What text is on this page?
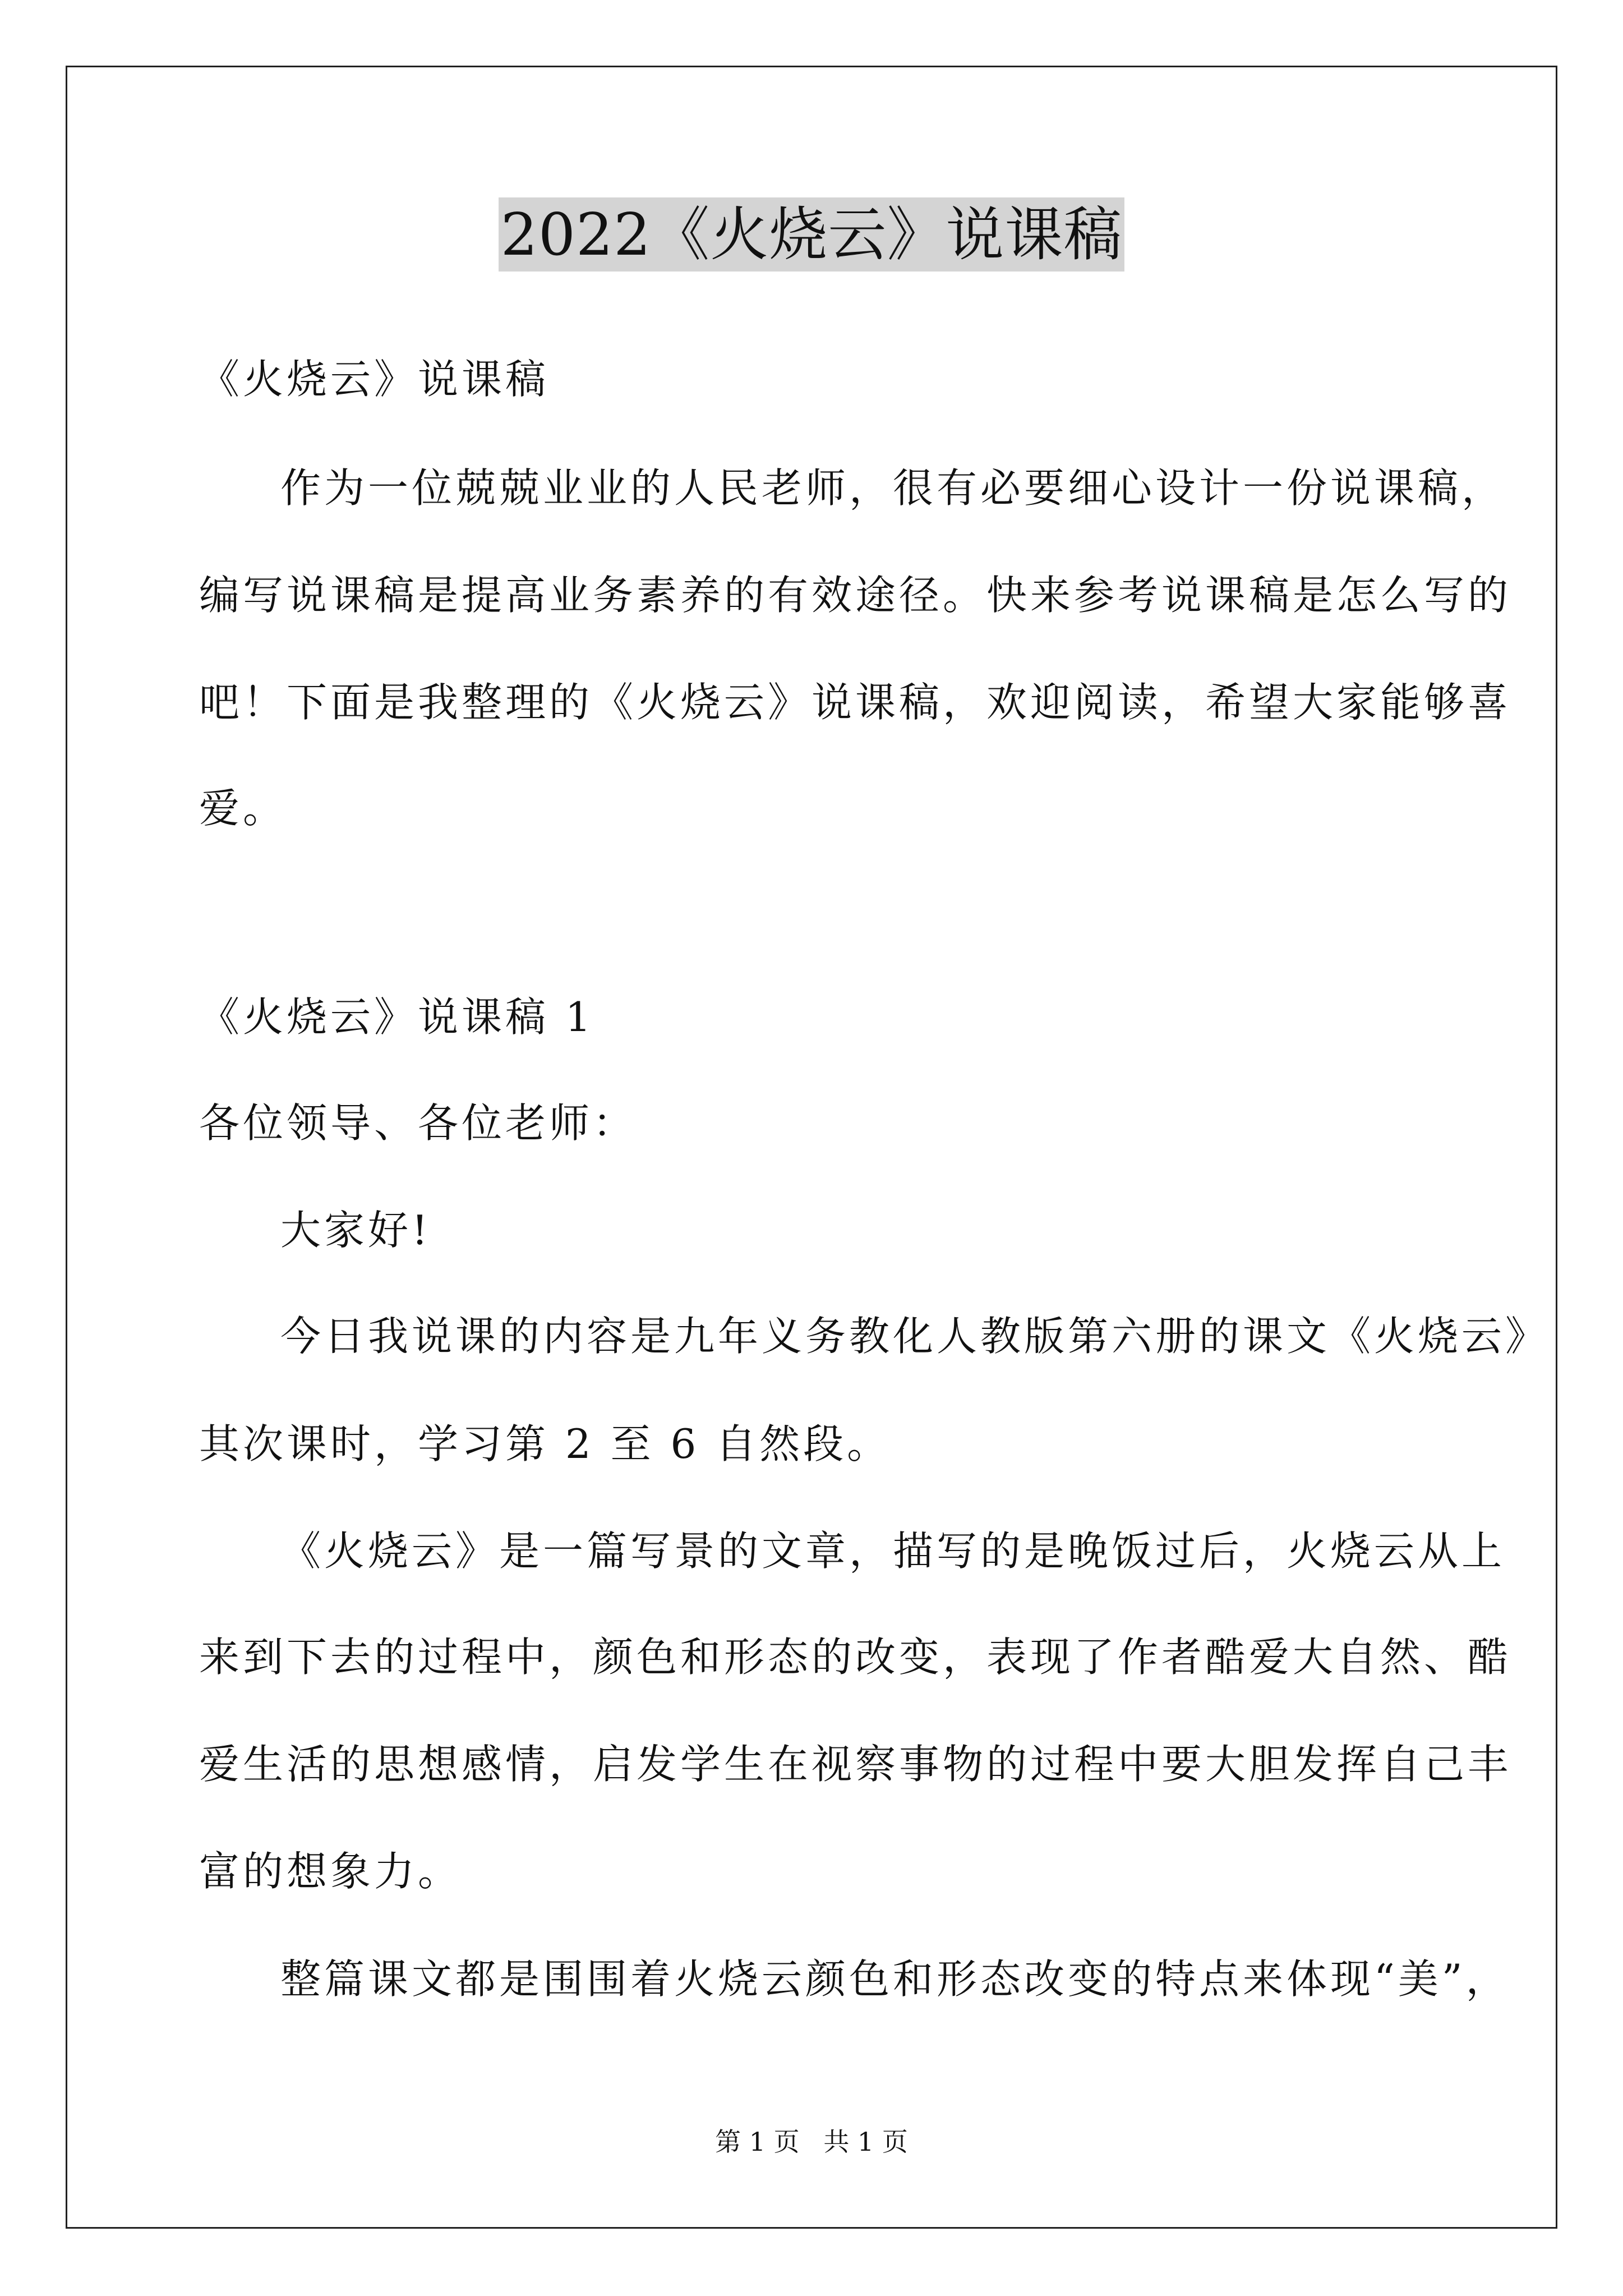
2022《火烧云》说课稿
《火烧云》说课稿
作为一位兢兢业业的人民老师，很有必要细心设计一份说课稿，
编写说课稿是提高业务素养的有效途径。快来参考说课稿是怎么写的
吧！下面是我整理的《火烧云》说课稿，欢迎阅读，希望大家能够喜
爱。
《火烧云》说课稿 1
各位领导、各位老师：
大家好!
今日我说课的内容是九年义务教化人教版第六册的课文《火烧云》
其次课时，学习第 2 至 6 自然段。
《火烧云》是一篇写景的文章，描写的是晚饭过后，火烧云从上
来到下去的过程中，颜色和形态的改变，表现了作者酷爱大自然、酷
爱生活的思想感情，启发学生在视察事物的过程中要大胆发挥自己丰
富的想象力。
整篇课文都是围围着火烧云颜色和形态改变的特点来体现“美”，
第 1 页 共 1 页
